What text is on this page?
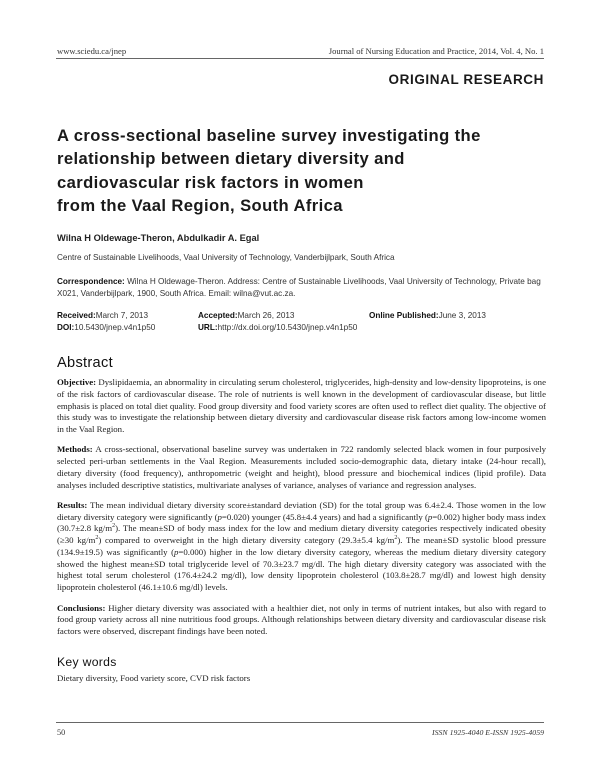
www.sciedu.ca/jnep	Journal of Nursing Education and Practice, 2014, Vol. 4, No. 1
ORIGINAL RESEARCH
A cross-sectional baseline survey investigating the
relationship between dietary diversity and
cardiovascular risk factors in women
from the Vaal Region, South Africa
Wilna H Oldewage-Theron, Abdulkadir A. Egal
Centre of Sustainable Livelihoods, Vaal University of Technology, Vanderbijlpark, South Africa
Correspondence: Wilna H Oldewage-Theron. Address: Centre of Sustainable Livelihoods, Vaal University of Technology, Private bag X021, Vanderbijlpark, 1900, South Africa. Email: wilna@vut.ac.za.
Received: March 7, 2013	Accepted: March 26, 2013	Online Published: June 3, 2013
DOI: 10.5430/jnep.v4n1p50	URL: http://dx.doi.org/10.5430/jnep.v4n1p50
Abstract

Objective: Dyslipidaemia, an abnormality in circulating serum cholesterol, triglycerides, high-density and low-density lipoproteins, is one of the risk factors of cardiovascular disease. The role of nutrients is well known in the development of cardiovascular disease, but little emphasis is placed on total diet quality. Food group diversity and food variety scores are often used to reflect diet quality. The objective of this study was to investigate the relationship between dietary diversity and cardiovascular disease risk factors among low-income women in the Vaal Region.

Methods: A cross-sectional, observational baseline survey was undertaken in 722 randomly selected black women in four purposively selected peri-urban settlements in the Vaal Region. Measurements included socio-demographic data, dietary intake (24-hour recall), dietary diversity (food frequency), anthropometric (weight and height), blood pressure and biochemical indices (lipid profile). Data analyses included descriptive statistics, multivariate analyses of variance, analyses of variance and regression analyses.

Results: The mean individual dietary diversity score±standard deviation (SD) for the total group was 6.4±2.4. Those women in the low dietary diversity category were significantly (p=0.020) younger (45.8±4.4 years) and had a significantly (p=0.002) higher body mass index (30.7±2.8 $kg/m^2$). The mean±SD of body mass index for the low and medium dietary diversity categories respectively indicated obesity (≥30 $kg/m^2$) compared to overweight in the high dietary diversity category (29.3±5.4 $kg/m^2$). The mean±SD systolic blood pressure (134.9±19.5) was significantly (p=0.000) higher in the low dietary diversity category, whereas the medium dietary diversity category showed the highest mean±SD total triglyceride level of 70.3±23.7 mg/dl. The high dietary diversity category was associated with the highest total serum cholesterol (176.4±24.2 mg/dl), low density lipoprotein cholesterol (103.8±28.7 mg/dl) and lowest high density lipoprotein cholesterol (46.1±10.6 mg/dl) levels.

Conclusions: Higher dietary diversity was associated with a healthier diet, not only in terms of nutrient intakes, but also with regard to food group variety across all nine nutritious food groups. Although relationships between dietary diversity and cardiovascular disease risk factors were observed, discrepant findings have been noted.

Key words
Dietary diversity, Food variety score, CVD risk factors
50	ISSN 1925-4040 E-ISSN 1925-4059
